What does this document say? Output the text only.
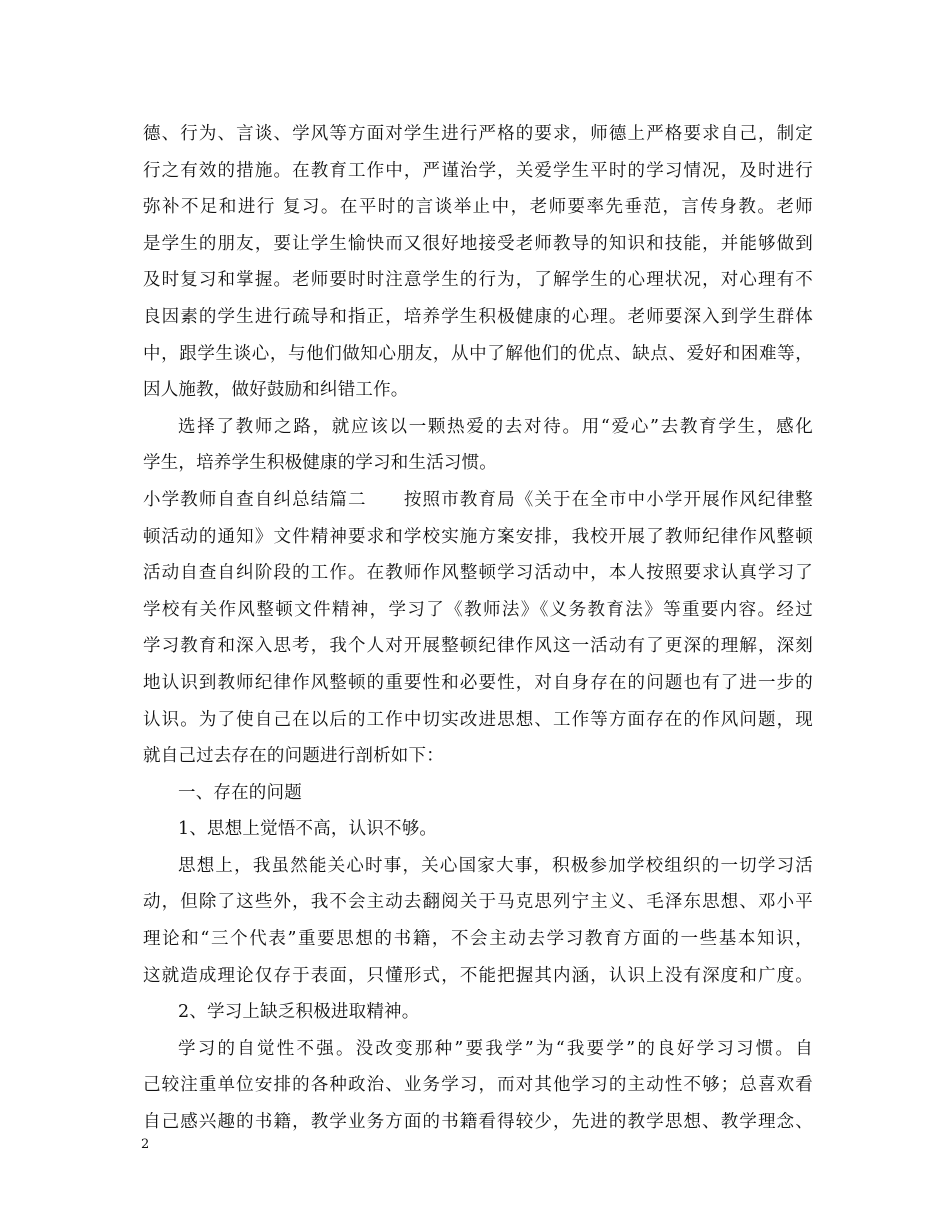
德、行为、言谈、学风等方面对学生进行严格的要求，师德上严格要求自己，制定
行之有效的措施。在教育工作中，严谨治学，关爱学生平时的学习情况，及时进行
弥补不足和进行 复习。在平时的言谈举止中，老师要率先垂范，言传身教。老师
是学生的朋友，要让学生愉快而又很好地接受老师教导的知识和技能，并能够做到
及时复习和掌握。老师要时时注意学生的行为，了解学生的心理状况，对心理有不
良因素的学生进行疏导和指正，培养学生积极健康的心理。老师要深入到学生群体
中，跟学生谈心，与他们做知心朋友，从中了解他们的优点、缺点、爱好和困难等，
因人施教，做好鼓励和纠错工作。
选择了教师之路，就应该以一颗热爱的去对待。用“爱心”去教育学生，感化
学生，培养学生积极健康的学习和生活习惯。
小学教师自查自纠总结篇二　　按照市教育局《关于在全市中小学开展作风纪律整
顿活动的通知》文件精神要求和学校实施方案安排，我校开展了教师纪律作风整顿
活动自查自纠阶段的工作。在教师作风整顿学习活动中，本人按照要求认真学习了
学校有关作风整顿文件精神，学习了《教师法》《义务教育法》等重要内容。经过
学习教育和深入思考，我个人对开展整顿纪律作风这一活动有了更深的理解，深刻
地认识到教师纪律作风整顿的重要性和必要性，对自身存在的问题也有了进一步的
认识。为了使自己在以后的工作中切实改进思想、工作等方面存在的作风问题，现
就自己过去存在的问题进行剖析如下：
一、存在的问题
1、思想上觉悟不高，认识不够。
思想上，我虽然能关心时事，关心国家大事，积极参加学校组织的一切学习活
动，但除了这些外，我不会主动去翻阅关于马克思列宁主义、毛泽东思想、邓小平
理论和“三个代表”重要思想的书籍，不会主动去学习教育方面的一些基本知识，
这就造成理论仅存于表面，只懂形式，不能把握其内涵，认识上没有深度和广度。
2、学习上缺乏积极进取精神。
学习的自觉性不强。没改变那种”要我学”为“我要学”的良好学习习惯。自
己较注重单位安排的各种政治、业务学习，而对其他学习的主动性不够；总喜欢看
自己感兴趣的书籍，教学业务方面的书籍看得较少，先进的教学思想、教学理念、
2
